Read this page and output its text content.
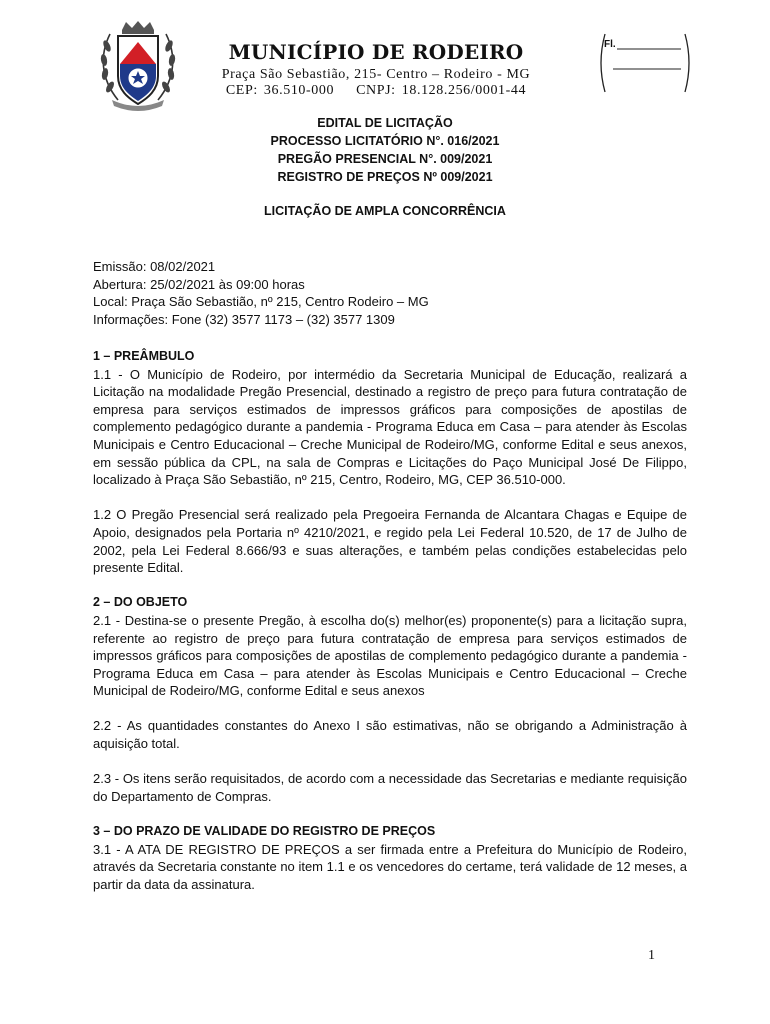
MUNICÍPIO DE RODEIRO
Praça São Sebastião, 215- Centro – Rodeiro - MG
CEP: 36.510-000 CNPJ: 18.128.256/0001-44
Fl.
EDITAL DE LICITAÇÃO
PROCESSO LICITATÓRIO N°. 016/2021
PREGÃO PRESENCIAL N°. 009/2021
REGISTRO DE PREÇOS Nº 009/2021
LICITAÇÃO DE AMPLA CONCORRÊNCIA
Emissão: 08/02/2021
Abertura: 25/02/2021 às 09:00 horas
Local: Praça São Sebastião, nº 215, Centro Rodeiro – MG
Informações: Fone (32) 3577 1173 – (32) 3577 1309
1 – PREÂMBULO

1.1 - O Município de Rodeiro, por intermédio da Secretaria Municipal de Educação, realizará a Licitação na modalidade Pregão Presencial, destinado a registro de preço para futura contratação de empresa para serviços estimados de impressos gráficos para composições de apostilas de complemento pedagógico durante a pandemia - Programa Educa em Casa – para atender às Escolas Municipais e Centro Educacional – Creche Municipal de Rodeiro/MG, conforme Edital e seus anexos, em sessão pública da CPL, na sala de Compras e Licitações do Paço Municipal José De Filippo, localizado à Praça São Sebastião, nº 215, Centro, Rodeiro, MG, CEP 36.510-000.

1.2 O Pregão Presencial será realizado pela Pregoeira Fernanda de Alcantara Chagas e Equipe de Apoio, designados pela Portaria nº 4210/2021, e regido pela Lei Federal 10.520, de 17 de Julho de 2002, pela Lei Federal 8.666/93 e suas alterações, e também pelas condições estabelecidas pelo presente Edital.

2 – DO OBJETO

2.1 - Destina-se o presente Pregão, à escolha do(s) melhor(es) proponente(s) para a licitação supra, referente ao registro de preço para futura contratação de empresa para serviços estimados de impressos gráficos para composições de apostilas de complemento pedagógico durante a pandemia - Programa Educa em Casa – para atender às Escolas Municipais e Centro Educacional – Creche Municipal de Rodeiro/MG, conforme Edital e seus anexos

2.2 - As quantidades constantes do Anexo I são estimativas, não se obrigando a Administração à aquisição total.

2.3 - Os itens serão requisitados, de acordo com a necessidade das Secretarias e mediante requisição do Departamento de Compras.

3 – DO PRAZO DE VALIDADE DO REGISTRO DE PREÇOS

3.1 - A ATA DE REGISTRO DE PREÇOS a ser firmada entre a Prefeitura do Município de Rodeiro, através da Secretaria constante no item 1.1 e os vencedores do certame, terá validade de 12 meses, a partir da data da assinatura.

1
